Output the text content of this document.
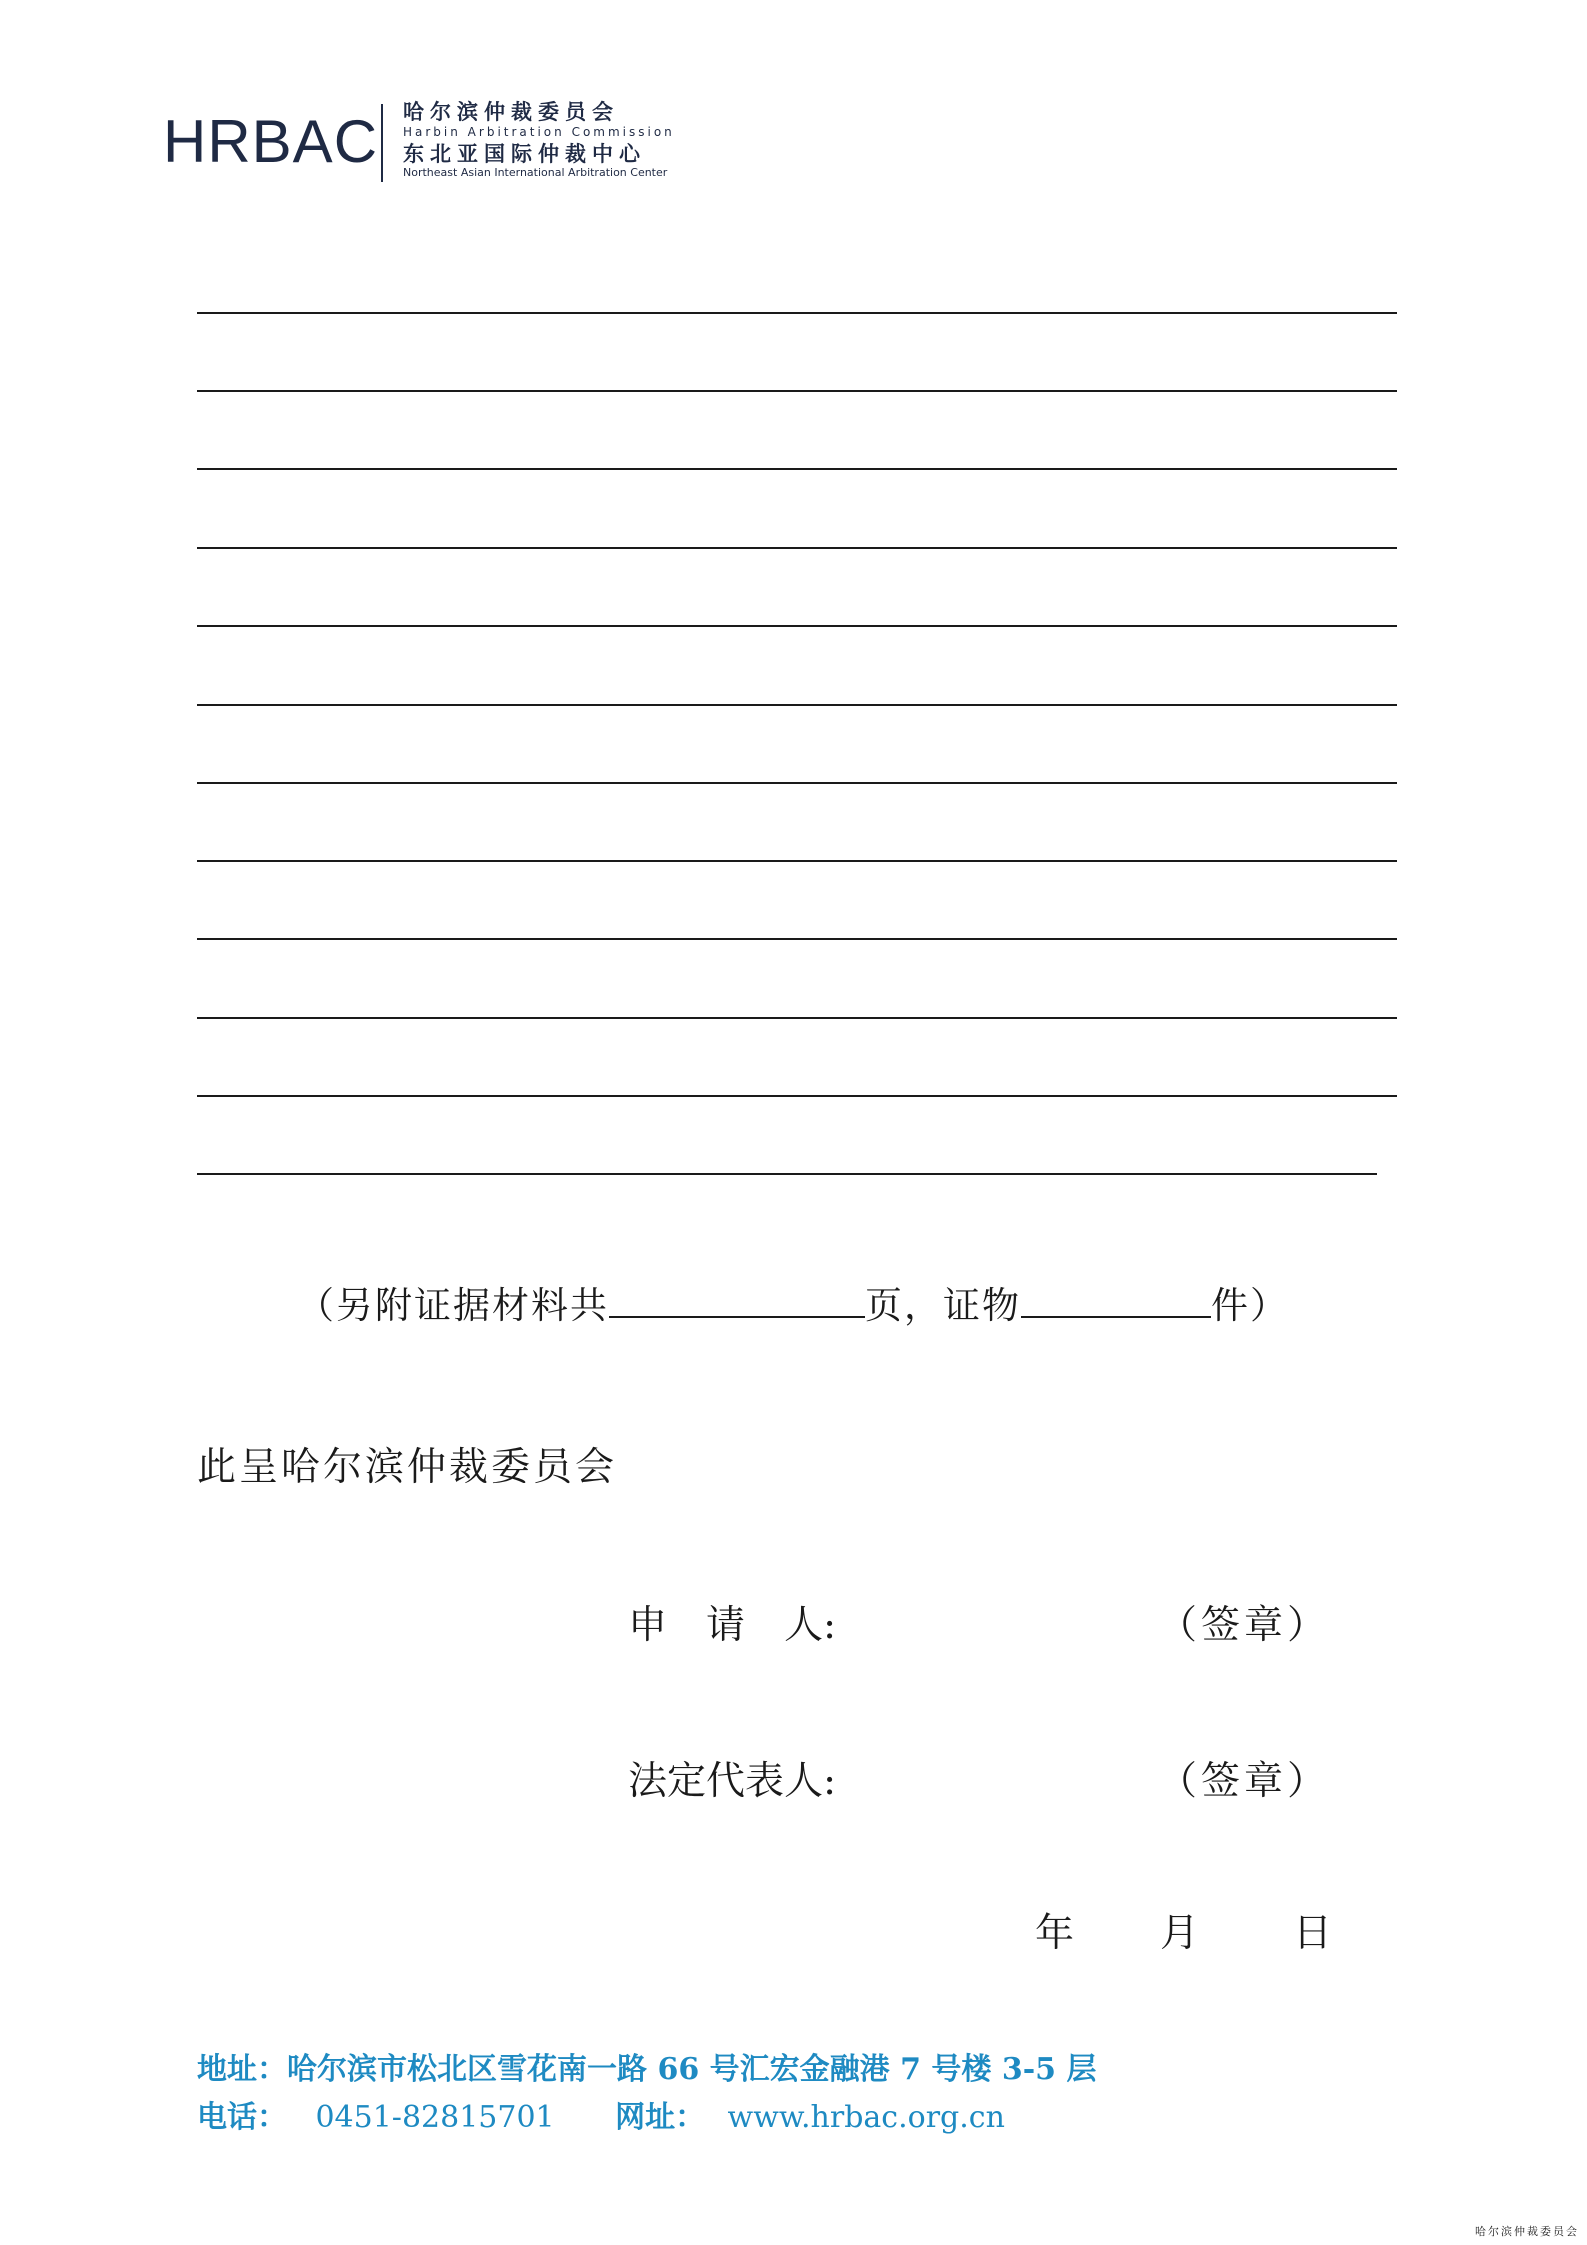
HRBAC 哈尔滨仲裁委员会

Harbin Arbitration Commission

东北亚国际仲裁中心

Northeast Asian International Arbitration Center

（另附证据材料共	页，证物	件）
此呈哈尔滨仲裁委员会
申　请　人:	（签章）
法定代表人:	（签章）
年 月 日
地址：哈尔滨市松北区雪花南一路 66 号汇宏金融港 7 号楼 3-5 层
电话： 0451-82815701 网址： www.hrbac.org.cn
哈尔滨仲裁委员会
